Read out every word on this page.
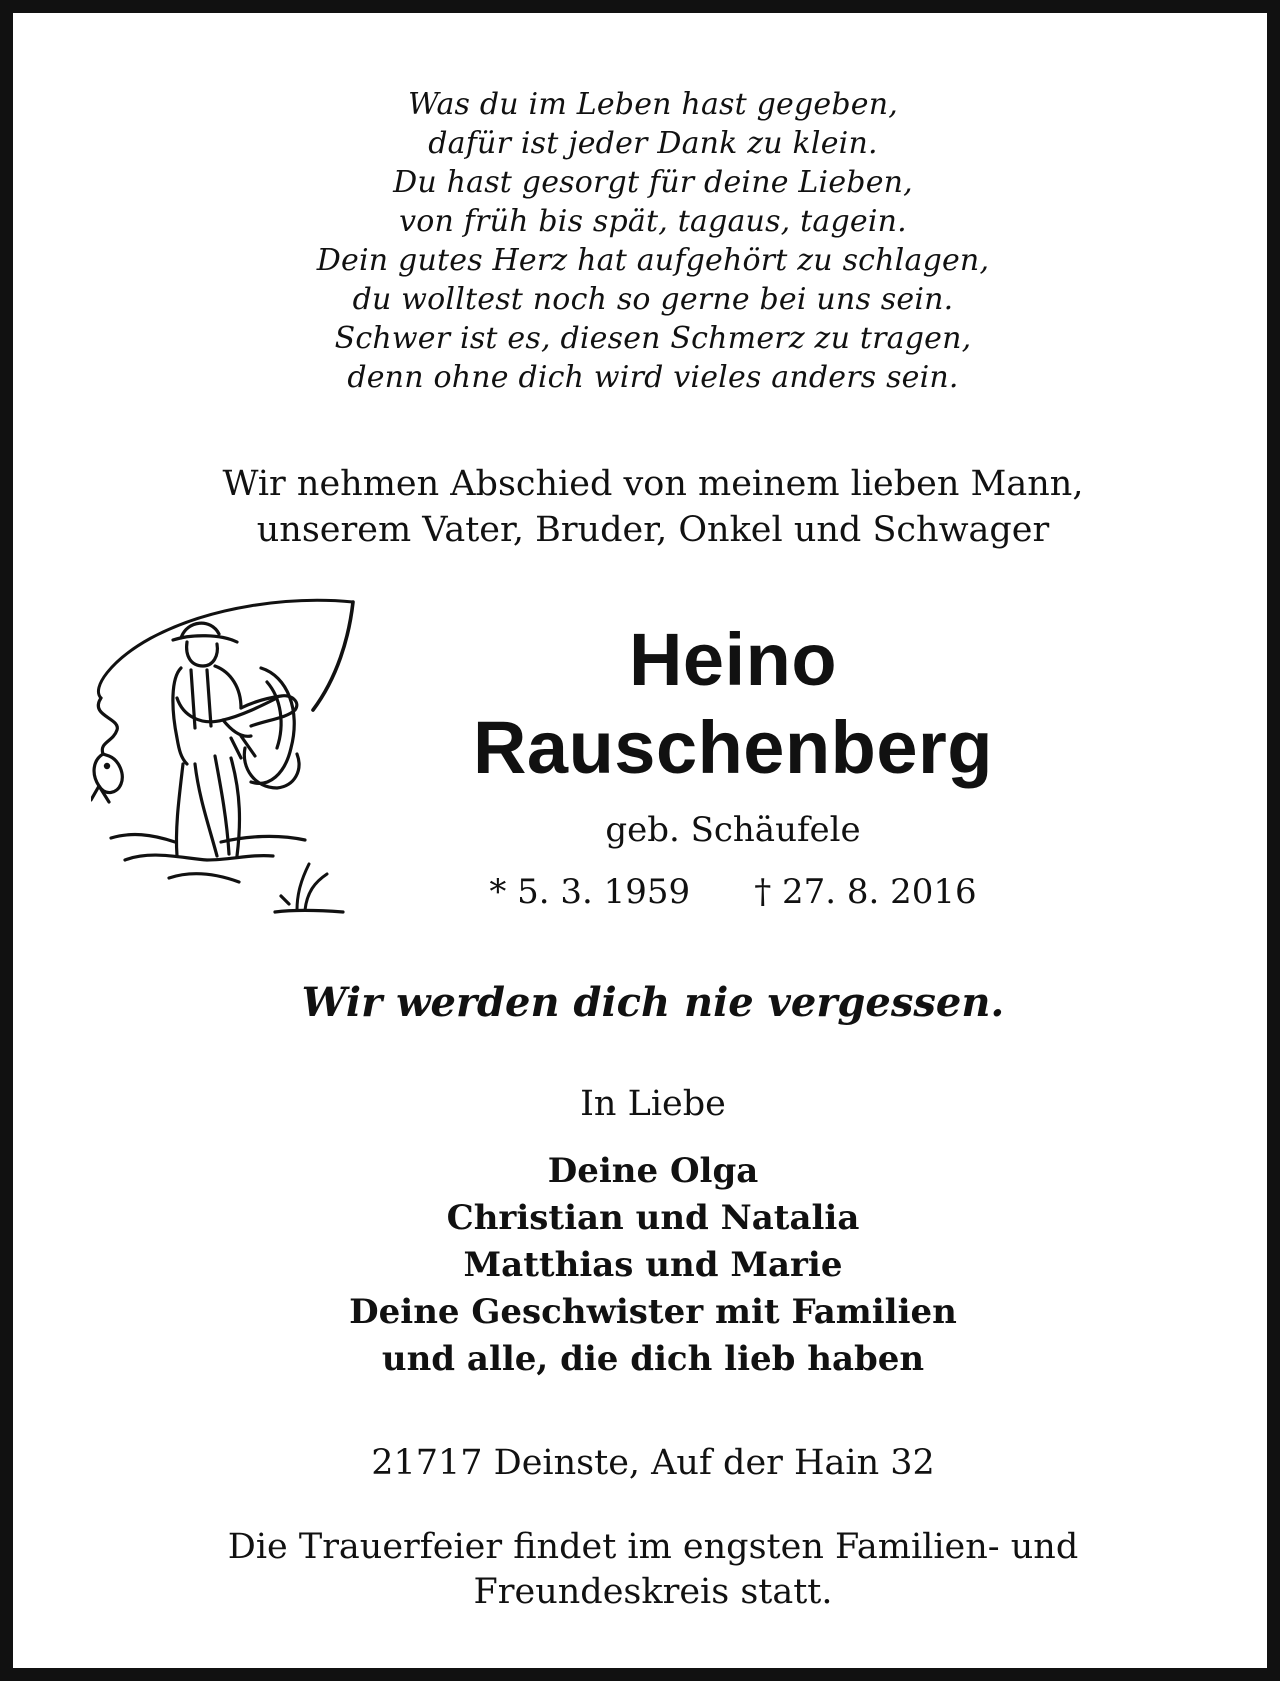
Was du im Leben hast gegeben,
dafür ist jeder Dank zu klein.
Du hast gesorgt für deine Lieben,
von früh bis spät, tagaus, tagein.
Dein gutes Herz hat aufgehört zu schlagen,
du wolltest noch so gerne bei uns sein.
Schwer ist es, diesen Schmerz zu tragen,
denn ohne dich wird vieles anders sein.
Wir nehmen Abschied von meinem lieben Mann,
unserem Vater, Bruder, Onkel und Schwager
Heino
Rauschenberg
geb. Schäufele
* 5. 3. 1959 † 27. 8. 2016
Wir werden dich nie vergessen.
In Liebe
Deine Olga
Christian und Natalia
Matthias und Marie
Deine Geschwister mit Familien
und alle, die dich lieb haben
21717 Deinste, Auf der Hain 32
Die Trauerfeier findet im engsten Familien- und
Freundeskreis statt.
